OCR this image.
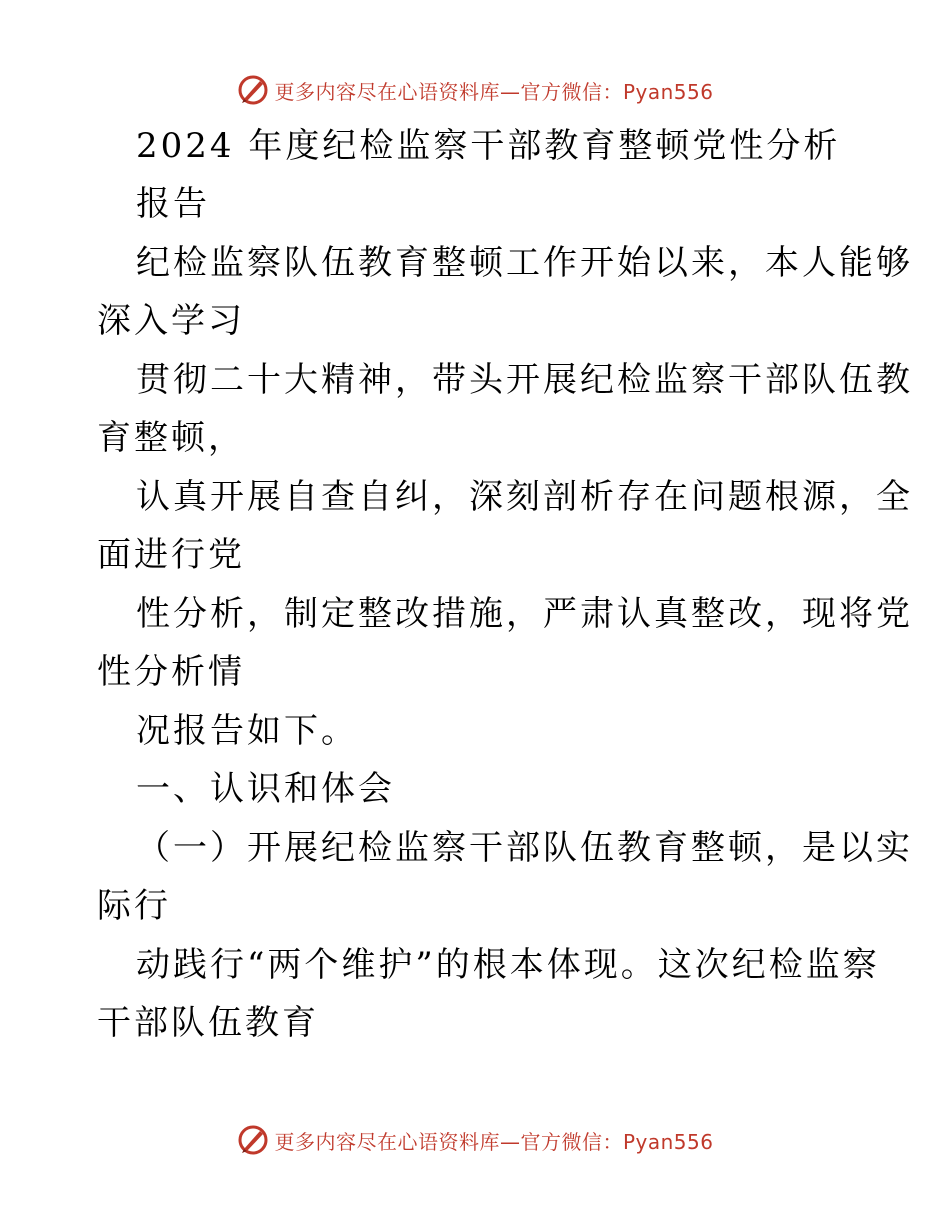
更多内容尽在心语资料库—官方微信：Pyan556
2024 年度纪检监察干部教育整顿党性分析
报告
纪检监察队伍教育整顿工作开始以来，本人能够
深入学习
贯彻二十大精神，带头开展纪检监察干部队伍教
育整顿，
认真开展自查自纠，深刻剖析存在问题根源，全
面进行党
性分析，制定整改措施，严肃认真整改，现将党
性分析情
况报告如下。
一、认识和体会
（一）开展纪检监察干部队伍教育整顿，是以实
际行
动践行“两个维护”的根本体现。这次纪检监察
干部队伍教育
更多内容尽在心语资料库—官方微信：Pyan556
